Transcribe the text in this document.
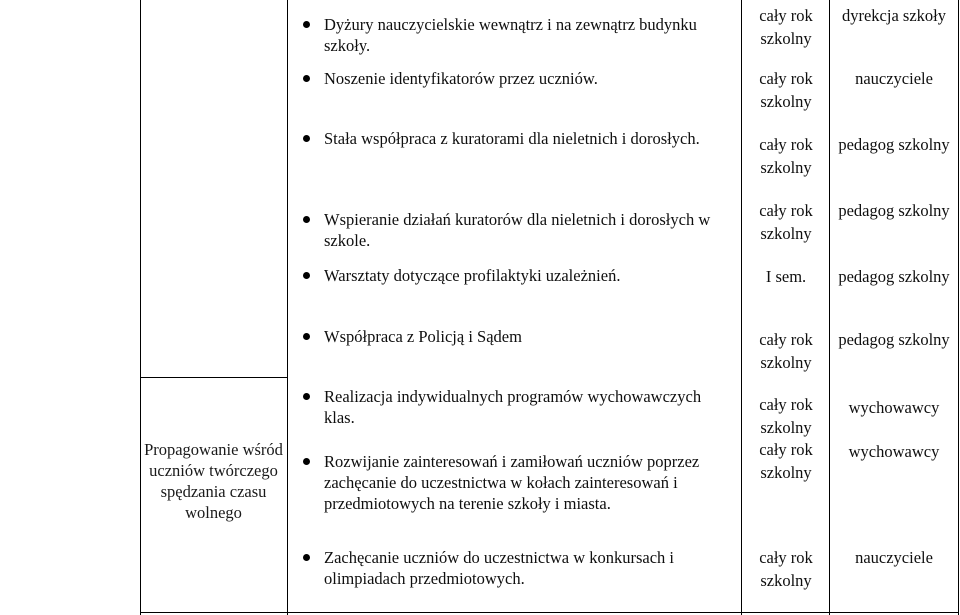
Propagowanie wśród uczniów twórczego spędzania czasu wolnego
Dyżury nauczycielskie wewnątrz i na zewnątrz budynku szkoły.
Noszenie identyfikatorów przez uczniów.
Stała współpraca z kuratorami dla nieletnich i dorosłych.
Wspieranie działań kuratorów dla nieletnich i dorosłych w szkole.
Warsztaty dotyczące profilaktyki uzależnień.
Współpraca z Policją i Sądem
Realizacja indywidualnych programów wychowawczych klas.
Rozwijanie zainteresowań i zamiłowań uczniów poprzez zachęcanie do uczestnictwa w kołach zainteresowań i przedmiotowych na terenie szkoły i miasta.
Zachęcanie uczniów do uczestnictwa w konkursach i olimpiadach przedmiotowych.
cały rok szkolny
cały rok szkolny
cały rok szkolny
cały rok szkolny
I sem.
cały rok szkolny
cały rok szkolny
cały rok szkolny
cały rok szkolny
dyrekcja szkoły
nauczyciele
pedagog szkolny
pedagog szkolny
pedagog szkolny
pedagog szkolny
wychowawcy
wychowawcy
nauczyciele
